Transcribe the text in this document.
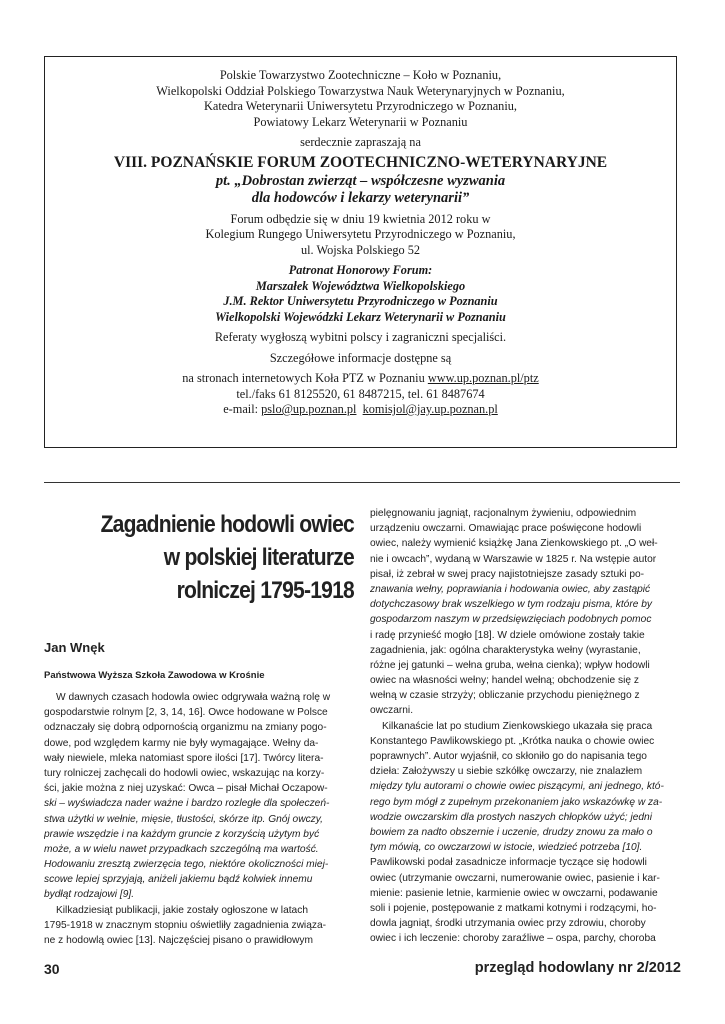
Polskie Towarzystwo Zootechniczne – Koło w Poznaniu,
Wielkopolski Oddział Polskiego Towarzystwa Nauk Weterynaryjnych w Poznaniu,
Katedra Weterynarii Uniwersytetu Przyrodniczego w Poznaniu,
Powiatowy Lekarz Weterynarii w Poznaniu
serdecznie zapraszają na
VIII. POZNAŃSKIE FORUM ZOOTECHNICZNO-WETERYNARYJNE
pt. „Dobrostan zwierząt – współczesne wyzwania
dla hodowców i lekarzy weterynarii”
Forum odbędzie się w dniu 19 kwietnia 2012 roku w
Kolegium Rungego Uniwersytetu Przyrodniczego w Poznaniu,
ul. Wojska Polskiego 52
Patronat Honorowy Forum:
Marszałek Województwa Wielkopolskiego
J.M. Rektor Uniwersytetu Przyrodniczego w Poznaniu
Wielkopolski Wojewódzki Lekarz Weterynarii w Poznaniu
Referaty wygłoszą wybitni polscy i zagraniczni specjaliści.
Szczegółowe informacje dostępne są
na stronach internetowych Koła PTZ w Poznaniu www.up.poznan.pl/ptz
tel./faks 61 8125520, 61 8487215, tel. 61 8487674
e-mail: pslo@up.poznan.pl komisjol@jay.up.poznan.pl
Zagadnienie hodowli owiec
w polskiej literaturze
rolniczej 1795-1918
Jan Wnęk
Państwowa Wyższa Szkoła Zawodowa w Krośnie
W dawnych czasach hodowla owiec odgrywała ważną rolę w
gospodarstwie rolnym [2, 3, 14, 16]. Owce hodowane w Polsce
odznaczały się dobrą odpornością organizmu na zmiany pogo-
dowe, pod względem karmy nie były wymagające. Wełny da-
wały niewiele, mleka natomiast spore ilości [17]. Twórcy litera-
tury rolniczej zachęcali do hodowli owiec, wskazując na korzy-
ści, jakie można z niej uzyskać: Owca – pisał Michał Oczapow-
ski – wyświadcza nader ważne i bardzo rozległe dla społeczeń-
stwa użytki w wełnie, mięsie, tłustości, skórze itp. Gnój owczy,
prawie wszędzie i na każdym gruncie z korzyścią użytym być
może, a w wielu nawet przypadkach szczególną ma wartość.
Hodowaniu zresztą zwierzęcia tego, niektóre okoliczności miej-
scowe lepiej sprzyjają, aniżeli jakiemu bądź kolwiek innemu
bydłąt rodzajowi [9].
Kilkadziesiąt publikacji, jakie zostały ogłoszone w latach
1795-1918 w znacznym stopniu oświetliły zagadnienia związa-
ne z hodowlą owiec [13]. Najczęściej pisano o prawidłowym
pielęgnowaniu jagniąt, racjonalnym żywieniu, odpowiednim
urządzeniu owczarni. Omawiając prace poświęcone hodowli
owiec, należy wymienić książkę Jana Zienkowskiego pt. „O weł-
nie i owcach”, wydaną w Warszawie w 1825 r. Na wstępie autor
pisał, iż zebrał w swej pracy najistotniejsze zasady sztuki po-
znawania wełny, poprawiania i hodowania owiec, aby zastąpić
dotychczasowy brak wszelkiego w tym rodzaju pisma, które by
gospodarzom naszym w przedsięwzięciach podobnych pomoc
i radę przynieść mogło [18]. W dziele omówione zostały takie
zagadnienia, jak: ogólna charakterystyka wełny (wyrastanie,
różne jej gatunki – wełna gruba, wełna cienka); wpływ hodowli
owiec na własności wełny; handel wełną; obchodzenie się z
wełną w czasie strzyży; obliczanie przychodu pieniężnego z
owczarni.
Kilkanaście lat po studium Zienkowskiego ukazała się praca
Konstantego Pawlikowskiego pt. „Krótka nauka o chowie owiec
poprawnych”. Autor wyjaśnił, co skłoniło go do napisania tego
dzieła: Założywszy u siebie szkółkę owczarzy, nie znalazłem
między tylu autorami o chowie owiec piszącymi, ani jednego, któ-
rego bym mógł z zupełnym przekonaniem jako wskazówkę w za-
wodzie owczarskim dla prostych naszych chłopków użyć; jedni
bowiem za nadto obszernie i uczenie, drudzy znowu za mało o
tym mówią, co owczarzowi w istocie, wiedzieć potrzeba [10].
Pawlikowski podał zasadnicze informacje tyczące się hodowli
owiec (utrzymanie owczarni, numerowanie owiec, pasienie i kar-
mienie: pasienie letnie, karmienie owiec w owczarni, podawanie
soli i pojenie, postępowanie z matkami kotnymi i rodzącymi, ho-
dowla jagniąt, środki utrzymania owiec przy zdrowiu, choroby
owiec i ich leczenie: choroby zaraźliwe – ospa, parchy, choroba
30	przegląd hodowlany nr 2/2012
